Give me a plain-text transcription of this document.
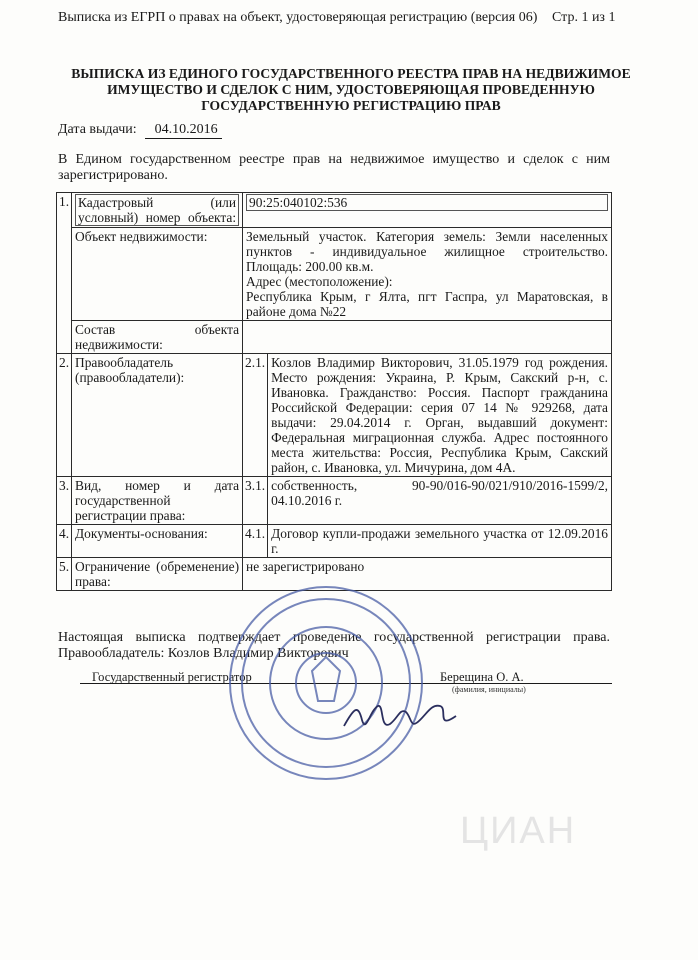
Выписка из ЕГРП о правах на объект, удостоверяющая регистрацию (версия 06) Стр. 1 из 1
ВЫПИСКА ИЗ ЕДИНОГО ГОСУДАРСТВЕННОГО РЕЕСТРА ПРАВ НА НЕДВИЖИМОЕ ИМУЩЕСТВО И СДЕЛОК С НИМ, УДОСТОВЕРЯЮЩАЯ ПРОВЕДЕННУЮ ГОСУДАРСТВЕННУЮ РЕГИСТРАЦИЮ ПРАВ
Дата выдачи: 04.10.2016
В Едином государственном реестре прав на недвижимое имущество и сделок с ним зарегистрировано.
1.	Кадастровый (или условный) номер объекта:	90:25:040102:536	

	Объект недвижимости:	Земельный участок. Категория земель: Земли населенных пунктов - индивидуальное жилищное строительство. Площадь: 200.00 кв.м.
Адрес (местоположение):
Республика Крым, г Ялта, пгт Гаспра, ул Маратовская, в районе дома №22	

	Состав объекта недвижимости:		
2.	Правообладатель (правообладатели):	2.1.	Козлов Владимир Викторович, 31.05.1979 год рождения. Место рождения: Украина, Р. Крым, Сакский р-н, с. Ивановка. Гражданство: Россия. Паспорт гражданина Российской Федерации: серия 07 14 № 929268, дата выдачи: 29.04.2014 г. Орган, выдавший документ: Федеральная миграционная служба. Адрес постоянного места жительства: Россия, Республика Крым, Сакский район, с. Ивановка, ул. Мичурина, дом 4А.
3.	Вид, номер и дата государственной регистрации права:	3.1.	собственность, 90-90/016-90/021/910/2016-1599/2, 04.10.2016 г.
4.	Документы-основания:	4.1.	Договор купли-продажи земельного участка от 12.09.2016 г.
5.	Ограничение (обременение) права:	не зарегистрировано	
Настоящая выписка подтверждает проведение государственной регистрации права. Правообладатель: Козлов Владимир Викторович
Государственный регистратор	Берещина О. А.
(фамилия, инициалы)
ЦИАН
